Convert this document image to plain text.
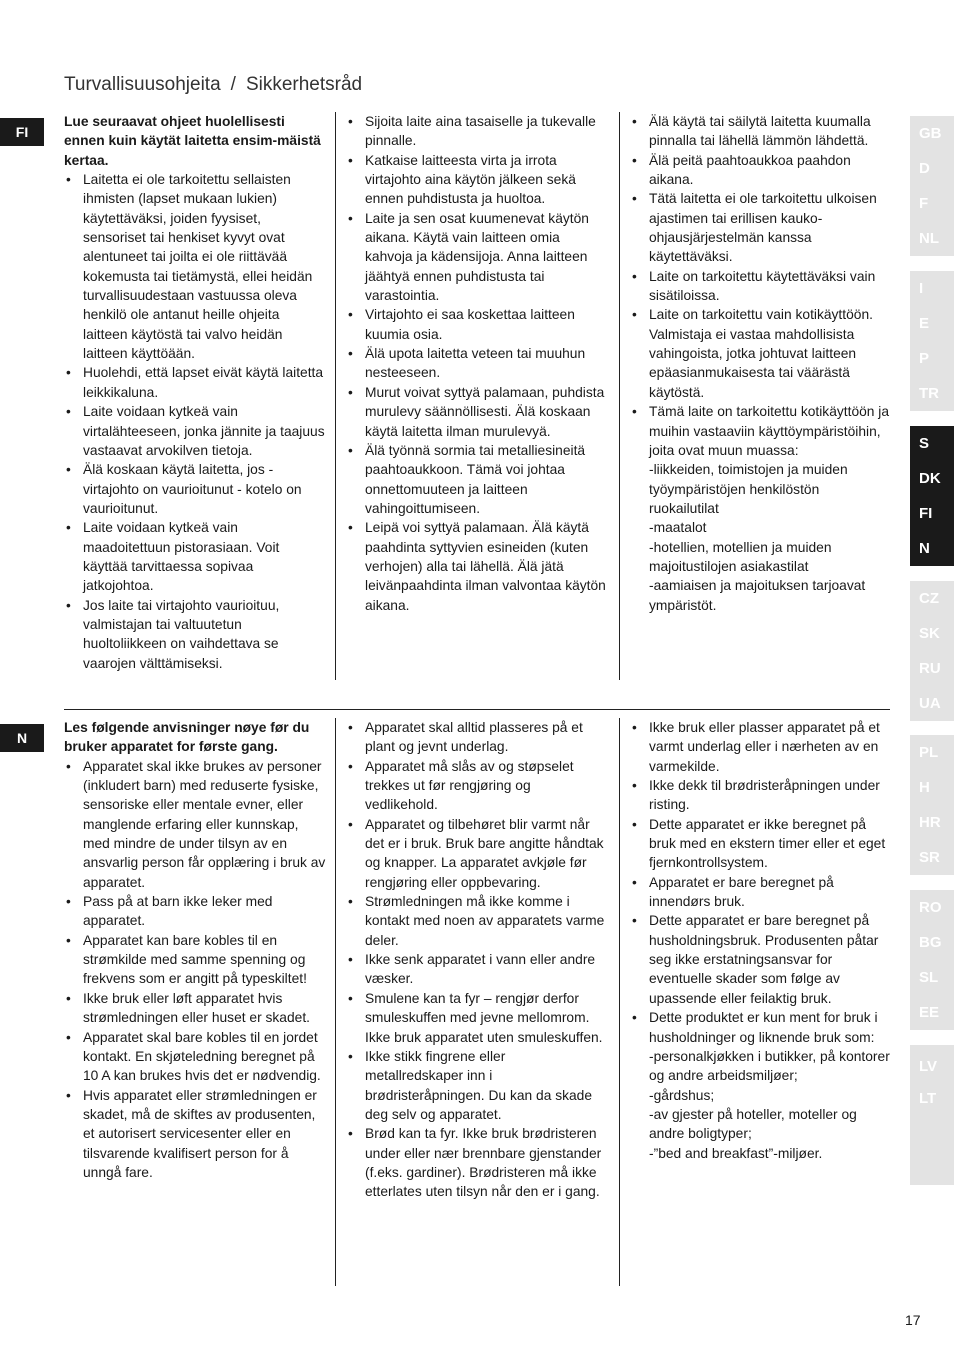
Turvallisuusohjeita / Sikkerhetsråd
FI

Lue seuraavat ohjeet huolellisesti ennen kuin käytät laitetta ensim-mäistä kertaa.

• Laitetta ei ole tarkoitettu sellaisten ihmisten (lapset mukaan lukien) käytettäväksi, joiden fyysiset, sensoriset tai henkiset kyvyt ovat alentuneet tai joilta ei ole riittävää kokemusta tai tietämystä, ellei heidän turvallisuudestaan vastuussa oleva henkilö ole antanut heille ohjeita laitteen käytöstä tai valvo heidän laitteen käyttöään.
• Huolehdi, että lapset eivät käytä laitetta leikkikaluna.
• Laite voidaan kytkeä vain virtalähteeseen, jonka jännite ja taajuus vastaavat arvokilven tietoja.
• Älä koskaan käytä laitetta, jos - virtajohto on vaurioitunut - kotelo on vaurioitunut.
• Laite voidaan kytkeä vain maadoitettuun pistorasiaan. Voit käyttää tarvittaessa sopivaa jatkojohtoa.
• Jos laite tai virtajohto vaurioituu, valmistajan tai valtuutetun huoltoliikkeen on vaihdettava se vaarojen välttämiseksi.
• Sijoita laite aina tasaiselle ja tukevalle pinnalle.
• Katkaise laitteesta virta ja irrota virtajohto aina käytön jälkeen sekä ennen puhdistusta ja huoltoa.
• Laite ja sen osat kuumenevat käytön aikana. Käytä vain laitteen omia kahvoja ja kädensijoja. Anna laitteen jäähtyä ennen puhdistusta tai varastointia.
• Virtajohto ei saa koskettaa laitteen kuumia osia.
• Älä upota laitetta veteen tai muuhun nesteeseen.
• Murut voivat syttyä palamaan, puhdista murulevy säännöllisesti. Älä koskaan käytä laitetta ilman murulevyä.
• Älä työnnä sormia tai metalliesineitä paahtoaukkoon. Tämä voi johtaa onnettomuuteen ja laitteen vahingoittumiseen.
• Leipä voi syttyä palamaan. Älä käytä paahdinta syttyvien esineiden (kuten verhojen) alla tai lähellä. Älä jätä leivänpaahdinta ilman valvontaa käytön aikana.
• Älä käytä tai säilytä laitetta kuumalla pinnalla tai lähellä lämmön lähdettä.
• Älä peitä paahtoaukkoa paahdon aikana.
• Tätä laitetta ei ole tarkoitettu ulkoisen ajastimen tai erillisen kauko-ohjausjärjestelmän kanssa käytettäväksi.
• Laite on tarkoitettu käytettäväksi vain sisätiloissa.
• Laite on tarkoitettu vain kotikäyttöön. Valmistaja ei vastaa mahdollisista vahingoista, jotka johtuvat laitteen epäasianmukaisesta tai väärästä käytöstä.
• Tämä laite on tarkoitettu kotikäyttöön ja muihin vastaaviin käyttöympäristöihin, joita ovat muun muassa:
-liikkeiden, toimistojen ja muiden työympäristöjen henkilöstön ruokailutilat
-maatalot
-hotellien, motellien ja muiden majoitustilojen asiakastilat
-aamiaisen ja majoituksen tarjoavat ympäristöt.
N

Les følgende anvisninger nøye før du bruker apparatet for første gang.

• Apparatet skal ikke brukes av personer (inkludert barn) med reduserte fysiske, sensoriske eller mentale evner, eller manglende erfaring eller kunnskap, med mindre de under tilsyn av en ansvarlig person får opplæring i bruk av apparatet.
• Pass på at barn ikke leker med apparatet.
• Apparatet kan bare kobles til en strømkilde med samme spenning og frekvens som er angitt på typeskiltet!
• Ikke bruk eller løft apparatet hvis strømledningen eller huset er skadet.
• Apparatet skal bare kobles til en jordet kontakt. En skjøteledning beregnet på 10 A kan brukes hvis det er nødvendig.
• Hvis apparatet eller strømledningen er skadet, må de skiftes av produsenten, et autorisert servicesenter eller en tilsvarende kvalifisert person for å unngå fare.
• Apparatet skal alltid plasseres på et plant og jevnt underlag.
• Apparatet må slås av og støpselet trekkes ut før rengjøring og vedlikehold.
• Apparatet og tilbehøret blir varmt når det er i bruk. Bruk bare angitte håndtak og knapper. La apparatet avkjøle før rengjøring eller oppbevaring.
• Strømledningen må ikke komme i kontakt med noen av apparatets varme deler.
• Ikke senk apparatet i vann eller andre væsker.
• Smulene kan ta fyr – rengjør derfor smuleskuffen med jevne mellomrom. Ikke bruk apparatet uten smuleskuffen.
• Ikke stikk fingrene eller metallredskaper inn i brødristeråpningen. Du kan da skade deg selv og apparatet.
• Brød kan ta fyr. Ikke bruk brødristeren under eller nær brennbare gjenstander (f.eks. gardiner). Brødristeren må ikke etterlates uten tilsyn når den er i gang.
• Ikke bruk eller plasser apparatet på et varmt underlag eller i nærheten av en varmekilde.
• Ikke dekk til brødristeråpningen under risting.
• Dette apparatet er ikke beregnet på bruk med en ekstern timer eller et eget fjernkontrollsystem.
• Apparatet er bare beregnet på innendørs bruk.
• Dette apparatet er bare beregnet på husholdningsbruk. Produsenten påtar seg ikke erstatningsansvar for eventuelle skader som følge av upassende eller feilaktig bruk.
• Dette produktet er kun ment for bruk i husholdninger og liknende bruk som:
-personalkjøkken i butikker, på kontorer og andre arbeidsmiljøer;
-gårdshus;
-av gjester på hoteller, moteller og andre boligtyper;
-”bed and breakfast”-miljøer.
GB
D
F
NL
I
E
P
TR
S
DK
FI
N
CZ
SK
RU
UA
PL
H
HR
SR
RO
BG
SL
EE
LV
LT
17
